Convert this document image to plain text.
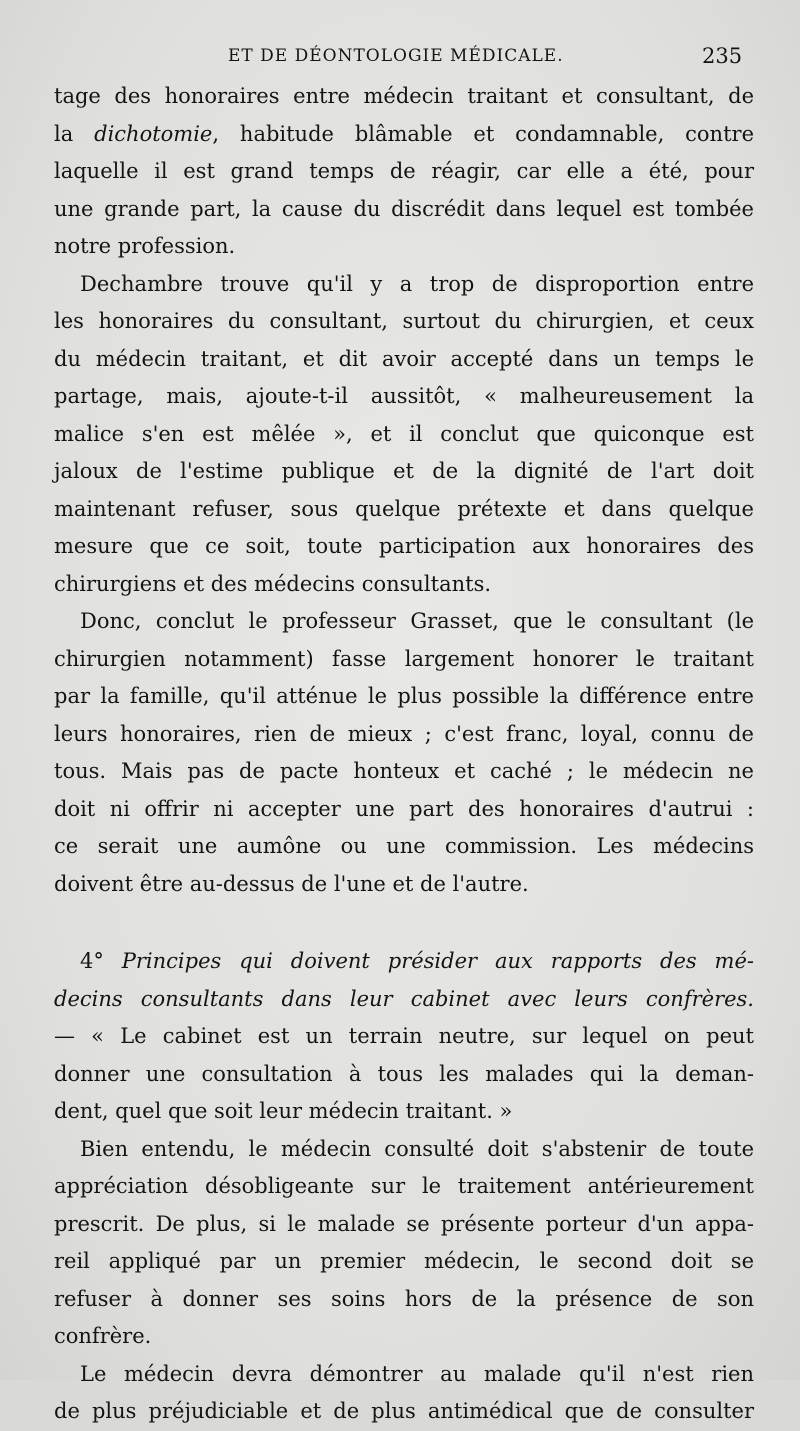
ET DE DÉONTOLOGIE MÉDICALE.	235
tage des honoraires entre médecin traitant et consultant, de
la dichotomie, habitude blâmable et condamnable, contre
laquelle il est grand temps de réagir, car elle a été, pour
une grande part, la cause du discrédit dans lequel est tombée
notre profession.
Dechambre trouve qu'il y a trop de disproportion entre
les honoraires du consultant, surtout du chirurgien, et ceux
du médecin traitant, et dit avoir accepté dans un temps le
partage, mais, ajoute-t-il aussitôt, « malheureusement la
malice s'en est mêlée », et il conclut que quiconque est
jaloux de l'estime publique et de la dignité de l'art doit
maintenant refuser, sous quelque prétexte et dans quelque
mesure que ce soit, toute participation aux honoraires des
chirurgiens et des médecins consultants.
Donc, conclut le professeur Grasset, que le consultant (le
chirurgien notamment) fasse largement honorer le traitant
par la famille, qu'il atténue le plus possible la différence entre
leurs honoraires, rien de mieux ; c'est franc, loyal, connu de
tous. Mais pas de pacte honteux et caché ; le médecin ne
doit ni offrir ni accepter une part des honoraires d'autrui :
ce serait une aumône ou une commission. Les médecins
doivent être au-dessus de l'une et de l'autre.
4° Principes qui doivent présider aux rapports des mé-
decins consultants dans leur cabinet avec leurs confrères.
— « Le cabinet est un terrain neutre, sur lequel on peut
donner une consultation à tous les malades qui la deman-
dent, quel que soit leur médecin traitant. »
Bien entendu, le médecin consulté doit s'abstenir de toute
appréciation désobligeante sur le traitement antérieurement
prescrit. De plus, si le malade se présente porteur d'un appa-
reil appliqué par un premier médecin, le second doit se
refuser à donner ses soins hors de la présence de son
confrère.
Le médecin devra démontrer au malade qu'il n'est rien
de plus préjudiciable et de plus antimédical que de consulter
